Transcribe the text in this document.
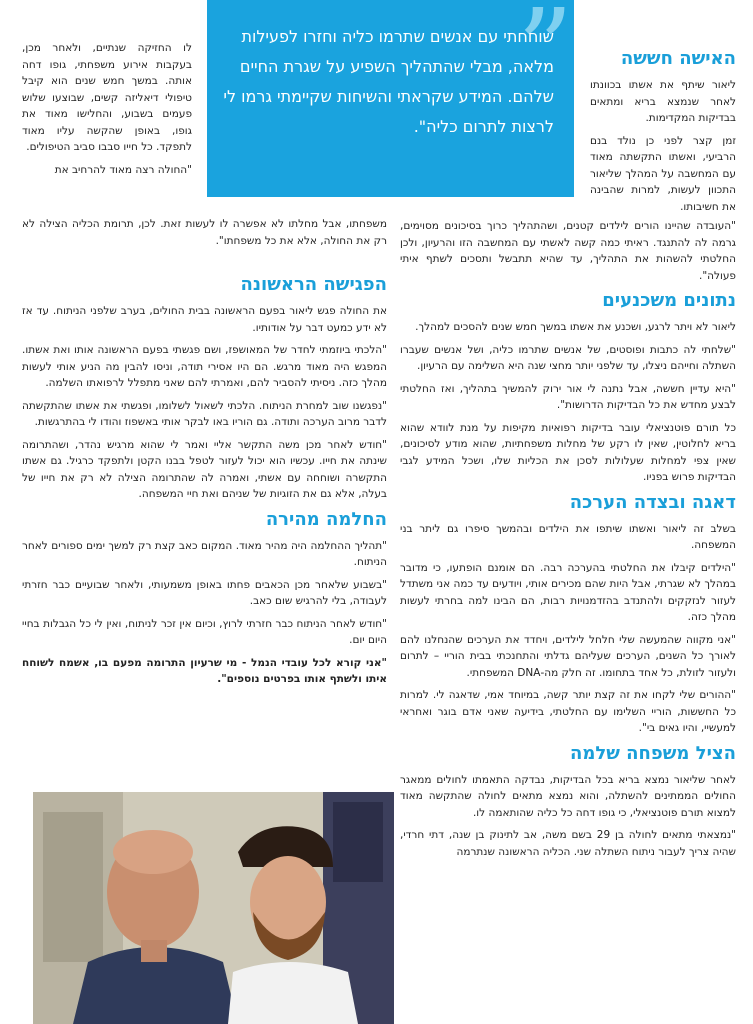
לו החזיקה שנתיים, ולאחר מכן, בעקבות אירוע משפחתי, גופו דחה אותה. במשך חמש שנים הוא קיבל טיפולי דיאליזה קשים, שבוצעו שלוש פעמים בשבוע, והחלישו מאוד את גופו, באופן שהקשה עליו מאוד לתפקד. כל חייו סבבו סביב הטיפולים.

"החולה רצה מאוד להרחיב את

”
שוחחתי עם אנשים שתרמו כליה וחזרו לפעילות מלאה, מבלי שהתהליך השפיע על שגרת החיים שלהם. המידע שקראתי והשיחות שקיימתי גרמו לי לרצות לתרום כליה".
האישה חששה

ליאור שיתף את אשתו בכוונתו לאחר שנמצא בריא ומתאים בבדיקות המקדימות.

זמן קצר לפני כן נולד בנם הרביעי, ואשתו התקשתה מאוד עם המחשבה על המהלך שליאור התכוון לעשות, למרות שהבינה את חשיבותו.

משפחתו, אבל מחלתו לא אפשרה לו לעשות זאת. לכן, תרומת הכליה הצילה לא רק את החולה, אלא את כל משפחתו".

"העובדה שהיינו הורים לילדים קטנים, ושהתהליך כרוך בסיכונים מסוימים, גרמה לה להתנגד. ראיתי כמה קשה לאשתי עם המחשבה הזו והרעיון, ולכן החלטתי להשהות את התהליך, עד שהיא תתבשל ותסכים לשתף איתי פעולה".

נתונים משכנעים

ליאור לא ויתר לרגע, ושכנע את אשתו במשך חמש שנים להסכים למהלך.

"שלחתי לה כתבות ופוסטים, של אנשים שתרמו כליה, ושל אנשים שעברו השתלה וחייהם ניצלו, עד שלפני יותר מחצי שנה היא השלימה עם הרעיון.

"היא עדיין חששה, אבל נתנה לי אור ירוק להמשיך בתהליך, ואז החלטתי לבצע מחדש את כל הבדיקות הדרושות".

כל תורם פוטנציאלי עובר בדיקות רפואיות מקיפות על מנת לוודא שהוא בריא לחלוטין, שאין לו רקע של מחלות משפחתיות, שהוא מודע לסיכונים, שאין צפי למחלות שעלולות לסכן את הכליות שלו, ושכל המידע לגבי הבדיקות פרוש בפניו.

דאגה ובצדה הערכה

בשלב זה ליאור ואשתו שיתפו את הילדים ובהמשך סיפרו גם ליתר בני המשפחה.

"הילדים קיבלו את החלטתי בהערכה רבה. הם אומנם הופתעו, כי מדובר במהלך לא שגרתי, אבל היות שהם מכירים אותי, ויודעים עד כמה אני משתדל לעזור לנזקקים ולהתנדב בהזדמנויות רבות, הם הבינו למה בחרתי לעשות מהלך כזה.

"אני מקווה שהמעשה שלי חלחל לילדים, ויחדד את הערכים שהנחלנו להם לאורך כל השנים, הערכים שעליהם גדלתי והתחנכתי בבית הוריי – לתרום ולעזור לזולת, כל אחד בתחומו. זה חלק מה-DNA המשפחתי.

"ההורים שלי לקחו את זה קצת יותר קשה, במיוחד אמי, שדאגה לי. למרות כל החששות, הוריי השלימו עם החלטתי, בידיעה שאני אדם בוגר ואחראי למעשיי, והיו גאים בי".

הציל משפחה שלמה

לאחר שליאור נמצא בריא בכל הבדיקות, נבדקה התאמתו לחולים ממאגר החולים הממתינים להשתלה, והוא נמצא מתאים לחולה שהתקשה מאוד למצוא תורם פוטנציאלי, כי גופו דחה כל כליה שהותאמה לו.

"נמצאתי מתאים לחולה בן 29 בשם משה, אב לתינוק בן שנה, דתי חרדי, שהיה צריך לעבור ניתוח השתלה שני. הכליה הראשונה שנתרמה

הפגישה הראשונה

את החולה פגש ליאור בפעם הראשונה בבית החולים, בערב שלפני הניתוח. עד אז לא ידע כמעט דבר על אודותיו.

"הלכתי ביוזמתי לחדר של המאושפז, ושם פגשתי בפעם הראשונה אותו ואת אשתו. המפגש היה מאוד מרגש. הם היו אסירי תודה, וניסו להבין מה הניע אותי לעשות מהלך כזה. ניסיתי להסביר להם, ואמרתי להם שאני מתפלל לרפואתו השלמה.

"נפגשנו שוב למחרת הניתוח. הלכתי לשאול לשלומו, ופגשתי את אשתו שהתקשתה לדבר מרוב הערכה ותודה. גם הוריו באו לבקר אותי באשפוז והודו לי בהתרגשות.

"חודש לאחר מכן משה התקשר אליי ואמר לי שהוא מרגיש נהדר, ושהתרומה שינתה את חייו. עכשיו הוא יכול לעזור לטפל בבנו הקטן ולתפקד כרגיל. גם אשתו התקשרה ושוחחה עם אשתי, ואמרה לה שהתרומה הצילה לא רק את חייו של בעלה, אלא גם את הזוגיות של שניהם ואת חיי המשפחה.

החלמה מהירה

"תהליך ההחלמה היה מהיר מאוד. המקום כאב קצת רק למשך ימים ספורים לאחר הניתוח.

"בשבוע שלאחר מכן הכאבים פחתו באופן משמעותי, ולאחר שבועיים כבר חזרתי לעבודה, בלי להרגיש שום כאב.

"חודש לאחר הניתוח כבר חזרתי לרוץ, וכיום אין זכר לניתוח, ואין לי כל הגבלות בחיי היום יום.

"אני קורא לכל עובדי הנמל - מי שרעיון התרומה מפעם בו, אשמח לשוחח איתו ולשתף אותו בפרטים נוספים".
